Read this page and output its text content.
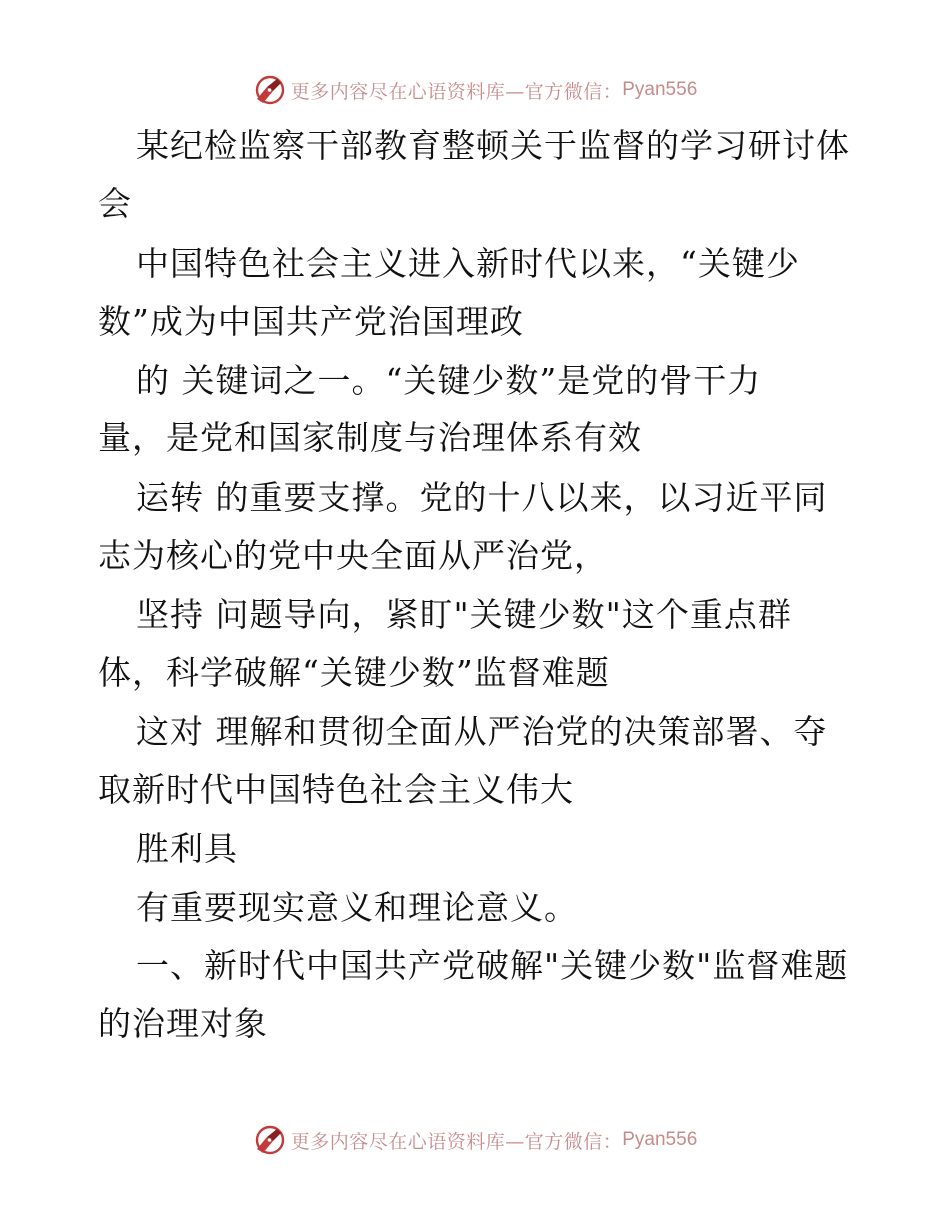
更多内容尽在心语资料库—官方微信： Pyan556
某纪检监察干部教育整顿关于监督的学习研讨体
会
中国特色社会主义进入新时代以来，“关键少
数”成为中国共产党治国理政
的 关键词之一。“关键少数”是党的骨干力
量，是党和国家制度与治理体系有效
运转 的重要支撑。党的十八以来，以习近平同
志为核心的党中央全面从严治党，
坚持 问题导向，紧盯"关键少数"这个重点群
体，科学破解“关键少数”监督难题
这对 理解和贯彻全面从严治党的决策部署、夺
取新时代中国特色社会主义伟大
胜利具
有重要现实意义和理论意义。
一、新时代中国共产党破解"关键少数"监督难题
的治理对象
更多内容尽在心语资料库—官方微信： Pyan556
